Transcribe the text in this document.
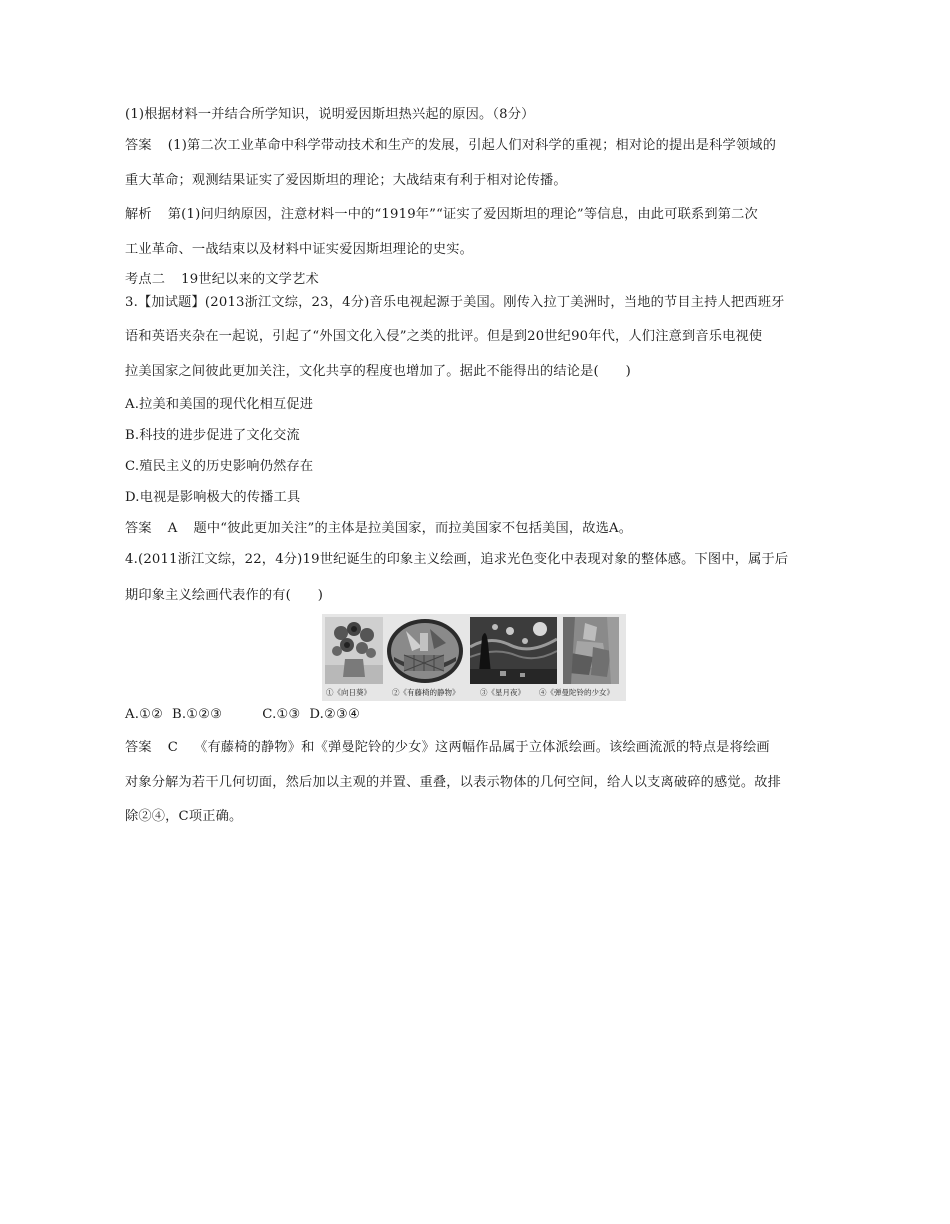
(1)根据材料一并结合所学知识，说明爱因斯坦热兴起的原因。（8分）
答案 (1)第二次工业革命中科学带动技术和生产的发展，引起人们对科学的重视；相对论的提出是科学领域的
重大革命；观测结果证实了爱因斯坦的理论；大战结束有利于相对论传播。
解析 第(1)问归纳原因，注意材料一中的“1919年”“证实了爱因斯坦的理论”等信息，由此可联系到第二次
工业革命、一战结束以及材料中证实爱因斯坦理论的史实。
考点二 19世纪以来的文学艺术
3.【加试题】(2013浙江文综，23，4分)音乐电视起源于美国。刚传入拉丁美洲时，当地的节目主持人把西班牙
语和英语夹杂在一起说，引起了“外国文化入侵”之类的批评。但是到20世纪90年代，人们注意到音乐电视使
拉美国家之间彼此更加关注，文化共享的程度也增加了。据此不能得出的结论是(　　)
A.拉美和美国的现代化相互促进
B.科技的进步促进了文化交流
C.殖民主义的历史影响仍然存在
D.电视是影响极大的传播工具
答案 A 题中“彼此更加关注”的主体是拉美国家，而拉美国家不包括美国，故选A。
4.(2011浙江文综，22，4分)19世纪诞生的印象主义绘画，追求光色变化中表现对象的整体感。下图中，属于后
期印象主义绘画代表作的有(　　)
①《向日葵》	②《有藤椅的静物》	③《星月夜》 ④《弹曼陀铃的少女》
A.①②  B.①②③	C.①③  D.②③④
答案 C 《有藤椅的静物》和《弹曼陀铃的少女》这两幅作品属于立体派绘画。该绘画流派的特点是将绘画
对象分解为若干几何切面，然后加以主观的并置、重叠，以表示物体的几何空间，给人以支离破碎的感觉。故排
除②④，C项正确。
